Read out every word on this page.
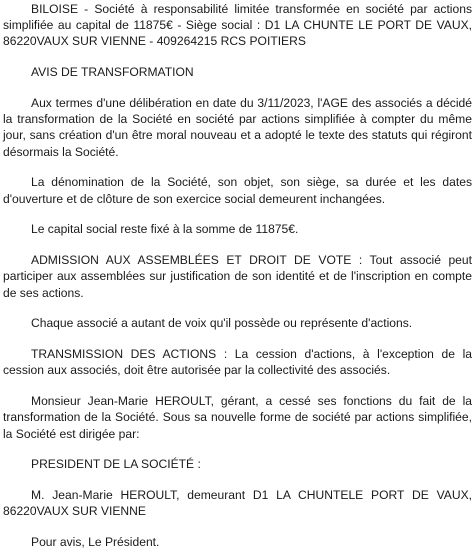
BILOISE - Société à responsabilité limitée transformée en société par actions simplifiée au capital de 11875€ - Siège social : D1 LA CHUNTE LE PORT DE VAUX, 86220VAUX SUR VIENNE - 409264215 RCS POITIERS

AVIS DE TRANSFORMATION

Aux termes d'une délibération en date du 3/11/2023, l'AGE des associés a décidé la transformation de la Société en société par actions simplifiée à compter du même jour, sans création d'un être moral nouveau et a adopté le texte des statuts qui régiront désormais la Société.

La dénomination de la Société, son objet, son siège, sa durée et les dates d'ouverture et de clôture de son exercice social demeurent inchangées.

Le capital social reste fixé à la somme de 11875€.

ADMISSION AUX ASSEMBLÉES ET DROIT DE VOTE : Tout associé peut participer aux assemblées sur justification de son identité et de l'inscription en compte de ses actions.

Chaque associé a autant de voix qu'il possède ou représente d'actions.

TRANSMISSION DES ACTIONS : La cession d'actions, à l'exception de la cession aux associés, doit être autorisée par la collectivité des associés.

Monsieur Jean-Marie HEROULT, gérant, a cessé ses fonctions du fait de la transformation de la Société. Sous sa nouvelle forme de société par actions simplifiée, la Société est dirigée par:

PRESIDENT DE LA SOCIÉTÉ :

M. Jean-Marie HEROULT, demeurant D1 LA CHUNTELE PORT DE VAUX, 86220VAUX SUR VIENNE

Pour avis, Le Président.
